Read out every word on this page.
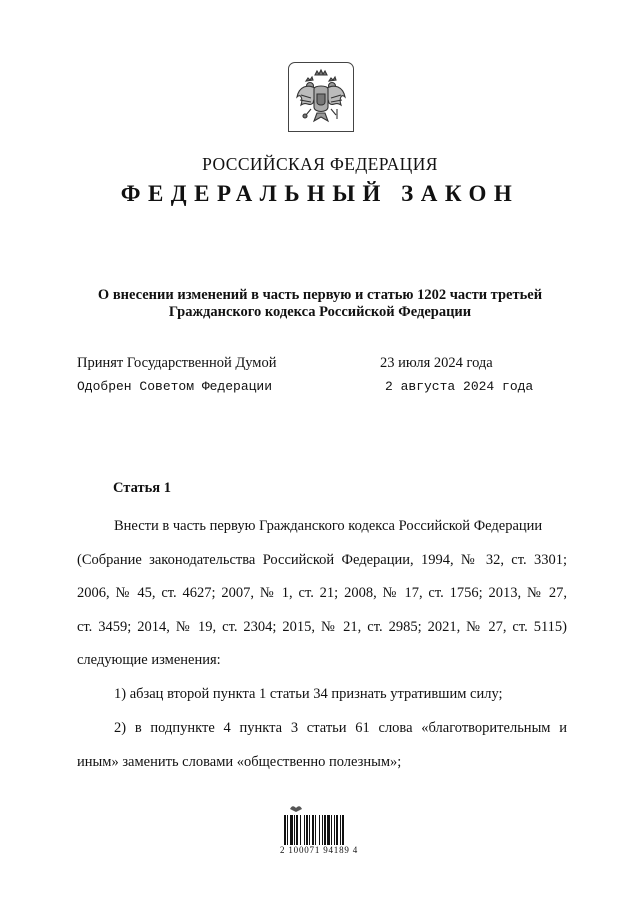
РОССИЙСКАЯ ФЕДЕРАЦИЯ
ФЕДЕРАЛЬНЫЙ ЗАКОН
О внесении изменений в часть первую и статью 1202 части третьей
Гражданского кодекса Российской Федерации
Принят Государственной Думой	23 июля 2024 года
Одобрен Советом Федерации	2 августа 2024 года
Статья 1
Внести в часть первую Гражданского кодекса Российской Федерации
(Собрание законодательства Российской Федерации, 1994, № 32, ст. 3301;
2006, № 45, ст. 4627; 2007, № 1, ст. 21; 2008, № 17, ст. 1756; 2013, № 27,
ст. 3459; 2014, № 19, ст. 2304; 2015, № 21, ст. 2985; 2021, № 27, ст. 5115)
следующие изменения:
1) абзац второй пункта 1 статьи 34 признать утратившим силу;
2) в подпункте 4 пункта 3 статьи 61 слова «благотворительным и
иным» заменить словами «общественно полезным»;
2 100071 94189 4
